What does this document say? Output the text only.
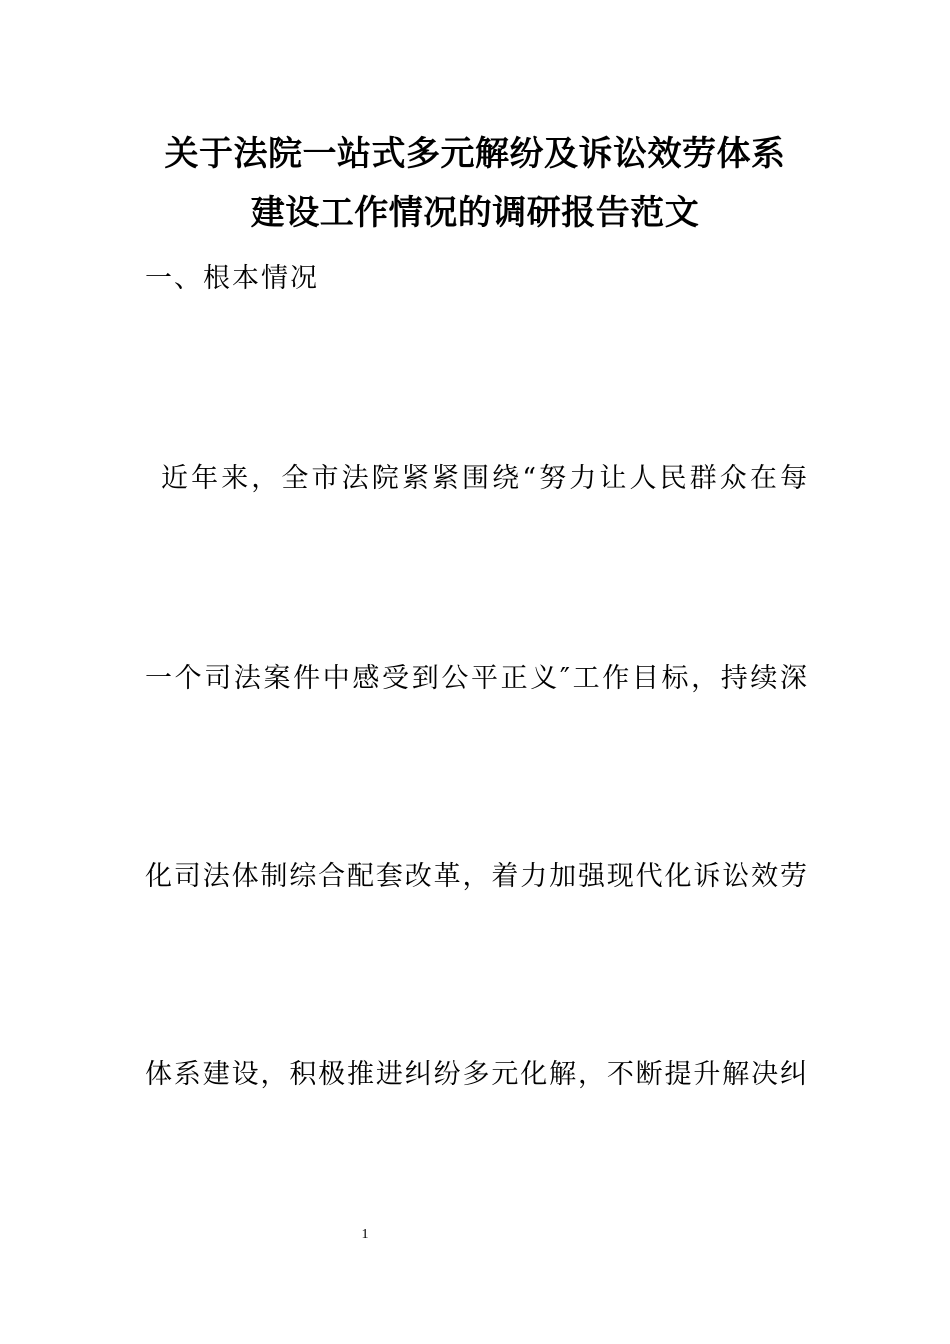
关于法院一站式多元解纷及诉讼效劳体系
建设工作情况的调研报告范文
一、根本情况
近年来，全市法院紧紧围绕“努力让人民群众在每
一个司法案件中感受到公平正义″工作目标，持续深
化司法体制综合配套改革，着力加强现代化诉讼效劳
体系建设，积极推进纠纷多元化解，不断提升解决纠
1
